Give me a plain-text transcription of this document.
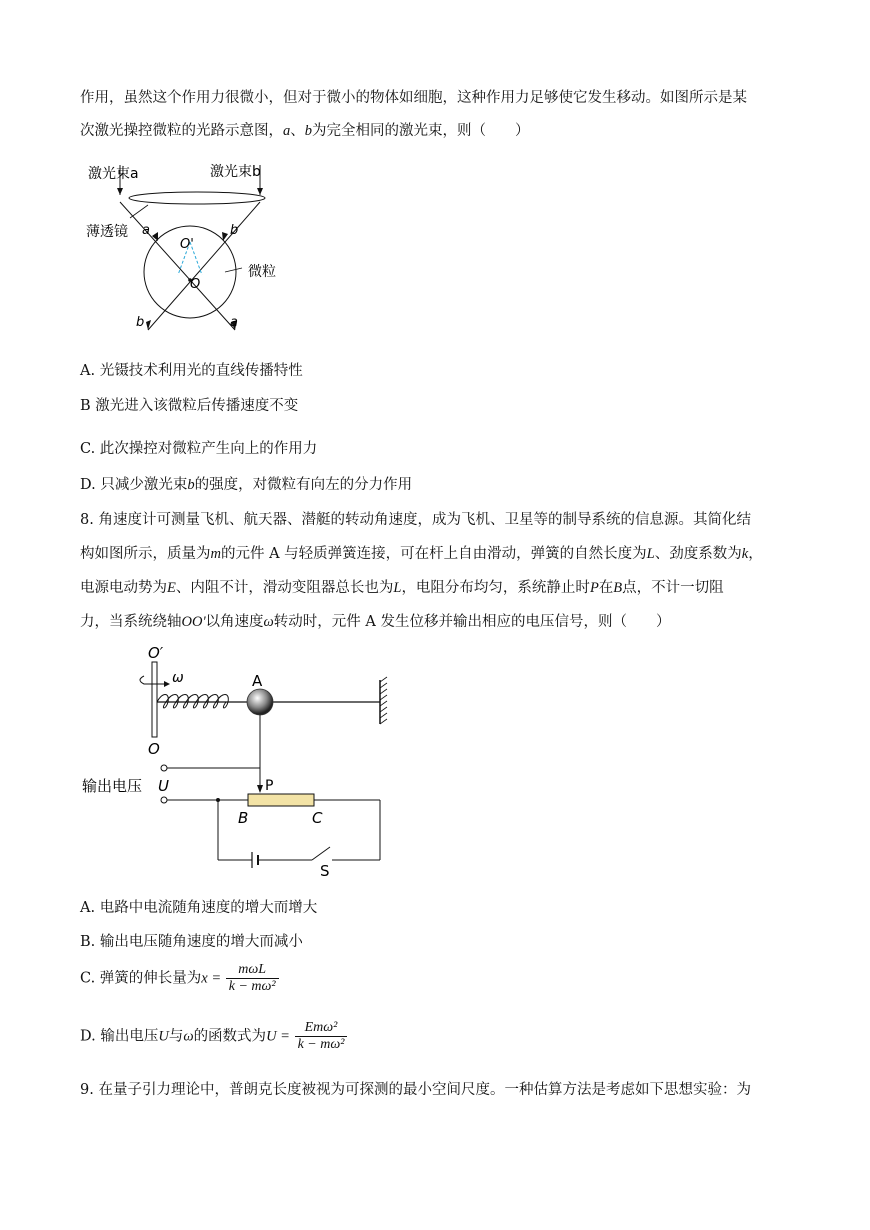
作用，虽然这个作用力很微小，但对于微小的物体如细胞，这种作用力足够使它发生移动。如图所示是某
次激光操控微粒的光路示意图，a、b为完全相同的激光束，则（　　）
激光束a	激光束b
薄透镜
微粒
a	b
O'
O
b	a
A. 光镊技术利用光的直线传播特性
B 激光进入该微粒后传播速度不变
C. 此次操控对微粒产生向上的作用力
D. 只减少激光束b的强度，对微粒有向左的分力作用
8. 角速度计可测量飞机、航天器、潜艇的转动角速度，成为飞机、卫星等的制导系统的信息源。其简化结
构如图所示，质量为m的元件 A 与轻质弹簧连接，可在杆上自由滑动，弹簧的自然长度为L、劲度系数为k，
电源电动势为E、内阻不计，滑动变阻器总长也为L，电阻分布均匀，系统静止时P在B点，不计一切阻
力，当系统绕轴OO'以角速度ω转动时，元件 A 发生位移并输出相应的电压信号，则（　　）
O′
ω	A
O
P
输出电压 U
B	C
S
A. 电路中电流随角速度的增大而增大
B. 输出电压随角速度的增大而减小
C. 弹簧的伸长量为$x = \frac{\text{mωL}}{\text{k − mω²}}$
D. 输出电压U与ω的函数式为$U = \frac{\text{Emω²}}{\text{k − mω²}}$
9. 在量子引力理论中，普朗克长度被视为可探测的最小空间尺度。一种估算方法是考虑如下思想实验：为
